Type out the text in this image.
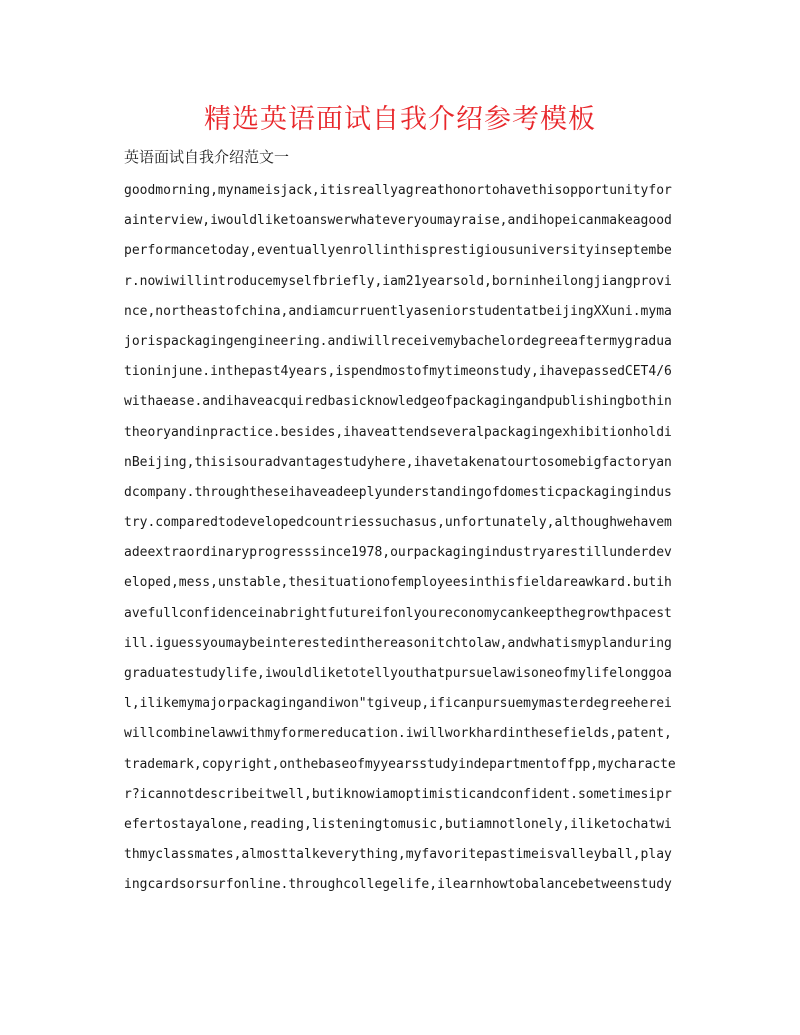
精选英语面试自我介绍参考模板
英语面试自我介绍范文一
goodmorning,mynameisjack,itisreallyagreathonortohavethisopportunityfor
ainterview,iwouldliketoanswerwhateveryoumayraise,andihopeicanmakeagood
performancetoday,eventuallyenrollinthisprestigiousuniversityinseptembe
r.nowiwillintroducemyselfbriefly,iam21yearsold,borninheilongjiangprovi
nce,northeastofchina,andiamcurruentlyaseniorstudentatbeijingXXuni.myma
jorispackagingengineering.andiwillreceivemybachelordegreeaftermygradua
tioninjune.inthepast4years,ispendmostofmytimeonstudy,ihavepassedCET4/6
withaease.andihaveacquiredbasicknowledgeofpackagingandpublishingbothin
theoryandinpractice.besides,ihaveattendseveralpackagingexhibitionholdi
nBeijing,thisisouradvantagestudyhere,ihavetakenatourtosomebigfactoryan
dcompany.throughtheseihaveadeeplyunderstandingofdomesticpackagingindus
try.comparedtodevelopedcountriessuchasus,unfortunately,althoughwehavem
adeextraordinaryprogresssince1978,ourpackagingindustryarestillunderdev
eloped,mess,unstable,thesituationofemployeesinthisfieldareawkard.butih
avefullconfidenceinabrightfutureifonlyoureconomycankeepthegrowthpacest
ill.iguessyoumaybeinterestedinthereasonitchtolaw,andwhatismyplanduring
graduatestudylife,iwouldliketotellyouthatpursuelawisoneofmylifelonggoa
l,ilikemymajorpackagingandiwon"tgiveup,ificanpursuemymasterdegreeherei
willcombinelawwithmyformereducation.iwillworkhardinthesefields,patent,
trademark,copyright,onthebaseofmyyearsstudyindepartmentoffpp,mycharacte
r?icannotdescribeitwell,butiknowiamoptimisticandconfident.sometimesipr
efertostayalone,reading,listeningtomusic,butiamnotlonely,iliketochatwi
thmyclassmates,almosttalkeverything,myfavoritepastimeisvalleyball,play
ingcardsorsurfonline.throughcollegelife,ilearnhowtobalancebetweenstudy
